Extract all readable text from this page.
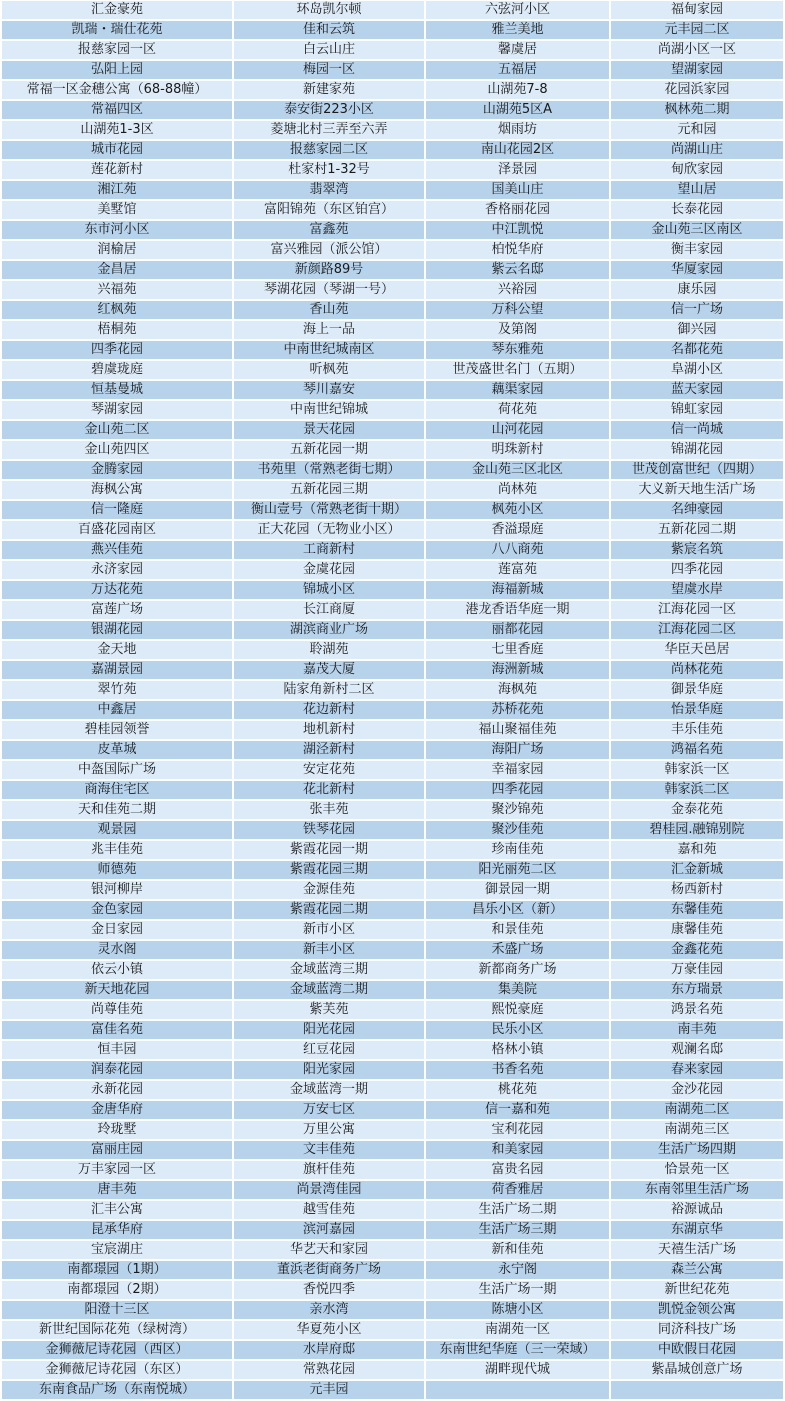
汇金豪苑	环岛凯尔顿	六弦河小区	福甸家园
凯瑞・瑞仕花苑	佳和云筑	雅兰美地	元丰园二区
报慈家园一区	白云山庄	馨虞居	尚湖小区一区
弘阳上园	梅园一区	五福居	望湖家园
常福一区金穗公寓（68-88幢）	新建家苑	山湖苑7-8	花园浜家园
常福四区	泰安街223小区	山湖苑5区A	枫林苑二期
山湖苑1-3区	菱塘北村三弄至六弄	烟雨坊	元和园
城市花园	报慈家园二区	南山花园2区	尚湖山庄
莲花新村	杜家村1-32号	泽景园	甸欣家园
湘江苑	翡翠湾	国美山庄	望山居
美墅馆	富阳锦苑（东区铂宫）	香格丽花园	长泰花园
东市河小区	富鑫苑	中江凯悦	金山苑三区南区
润榆居	富兴雅园（派公馆）	柏悦华府	衡丰家园
金昌居	新颜路89号	紫云名邸	华厦家园
兴福苑	琴湖花园（琴湖一号）	兴裕园	康乐园
红枫苑	香山苑	万科公望	信一广场
梧桐苑	海上一品	及第阁	御兴园
四季花园	中南世纪城南区	琴东雅苑	名都花苑
碧虞珑庭	听枫苑	世茂盛世名门（五期）	阜湖小区
恒基曼城	琴川嘉安	藕渠家园	蓝天家园
琴湖家园	中南世纪锦城	荷花苑	锦虹家园
金山苑二区	景天花园	山河花园	信一尚城
金山苑四区	五新花园一期	明珠新村	锦湖花园
金腾家园	书苑里（常熟老街七期）	金山苑三区北区	世茂创富世纪（四期）
海枫公寓	五新花园三期	尚林苑	大义新天地生活广场
信一隆庭	衡山壹号（常熟老街十期）	枫苑小区	名绅豪园
百盛花园南区	正大花园（无物业小区）	香溢璟庭	五新花园二期
燕兴佳苑	工商新村	八八商苑	紫宸名筑
永济家园	金虞花园	莲富苑	四季花园
万达花苑	锦城小区	海福新城	望虞水岸
富莲广场	长江商厦	港龙香语华庭一期	江海花园一区
银湖花园	湖滨商业广场	丽都花园	江海花园二区
金天地	聆湖苑	七里香庭	华臣天邑居
嘉湖景园	嘉茂大厦	海洲新城	尚林花苑
翠竹苑	陆家角新村二区	海枫苑	御景华庭
中鑫居	花边新村	苏桥花苑	怡景华庭
碧桂园领誉	地机新村	福山聚福佳苑	丰乐佳苑
皮革城	湖泾新村	海阳广场	鸿福名苑
中盔国际广场	安定花苑	幸福家园	韩家浜一区
商海住宅区	花北新村	四季花园	韩家浜二区
天和佳苑二期	张丰苑	聚沙锦苑	金泰花苑
观景园	铁琴花园	聚沙佳苑	碧桂园.融锦别院
兆丰佳苑	紫霞花园一期	珍南佳苑	嘉和苑
师德苑	紫霞花园三期	阳光丽苑二区	汇金新城
银河柳岸	金源佳苑	御景园一期	杨西新村
金色家园	紫霞花园二期	昌乐小区（新）	东馨佳苑
金日家园	新市小区	和景佳苑	康馨佳苑
灵水阁	新丰小区	禾盛广场	金鑫花苑
依云小镇	金域蓝湾三期	新都商务广场	万豪佳园
新天地花园	金域蓝湾二期	集美院	东方瑞景
尚尊佳苑	紫芙苑	熙悦豪庭	鸿景名苑
富佳名苑	阳光花园	民乐小区	南丰苑
恒丰园	红豆花园	格林小镇	观澜名邸
润泰花园	阳光家园	书香名苑	春来家园
永新花园	金域蓝湾一期	桃花苑	金沙花园
金唐华府	万安七区	信一嘉和苑	南湖苑二区
玲珑墅	万里公寓	宝利花园	南湖苑三区
富丽庄园	文丰佳苑	和美家园	生活广场四期
万丰家园一区	旗杆佳苑	富贵名园	恰景苑一区
唐丰苑	尚景湾佳园	荷香雅居	东南邻里生活广场
汇丰公寓	越雪佳苑	生活广场二期	裕源诚品
昆承华府	滨河嘉园	生活广场三期	东湖京华
宝宸湖庄	华艺天和家园	新和佳苑	天禧生活广场
南都璟园（1期）	董浜老街商务广场	永宁阁	森兰公寓
南都璟园（2期）	香悦四季	生活广场一期	新世纪花苑
阳澄十三区	亲水湾	陈塘小区	凯悦金领公寓
新世纪国际花苑（绿树湾）	华夏苑小区	南湖苑一区	同济科技广场
金狮薇尼诗花园（西区）	水岸府邸	东南世纪华庭（三一荣域）	中欧假日花园
金狮薇尼诗花园（东区）	常熟花园	湖畔现代城	紫晶城创意广场
东南食品广场（东南悦城）	元丰园		
